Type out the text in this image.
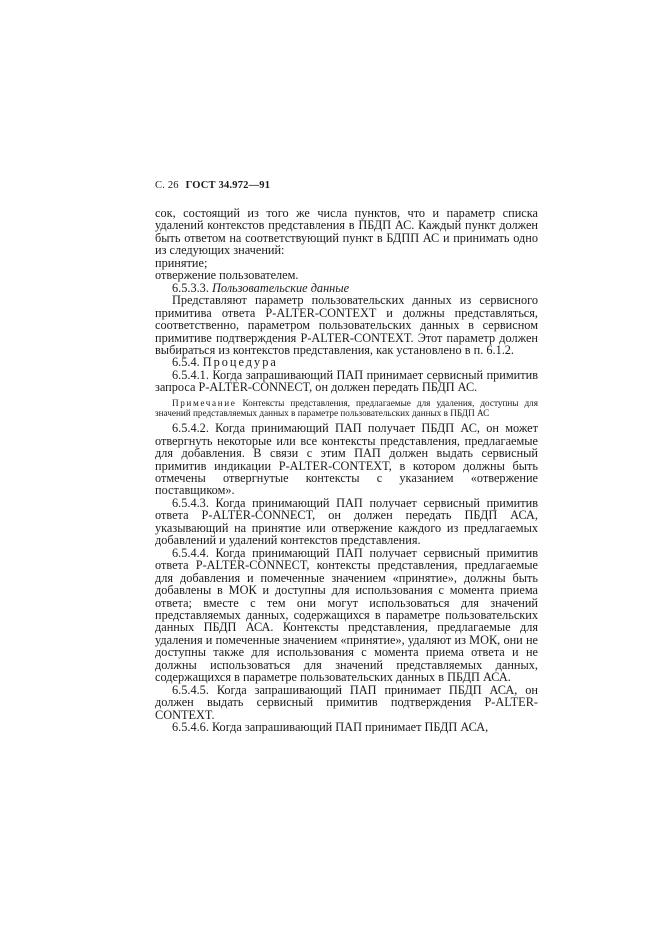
С. 26 ГОСТ 34.972—91

сок, состоящий из того же числа пунктов, что и параметр списка удалений контекстов представления в ПБДП АС. Каждый пункт должен быть ответом на соответствующий пункт в БДПП АС и принимать одно из следующих значений:

принятие;

отвержение пользователем.

6.5.3.3. Пользовательские данные

Представляют параметр пользовательских данных из сервисного примитива ответа P-ALTER-CONTEXT и должны представляться, соответственно, параметром пользовательских данных в сервисном примитиве подтверждения P-ALTER-CONTEXT. Этот параметр должен выбираться из контекстов представления, как установлено в п. 6.1.2.

6.5.4. Процедура

6.5.4.1. Когда запрашивающий ПАП принимает сервисный примитив запроса P-ALTER-CONNECT, он должен передать ПБДП АС.

Примечание Контексты представления, предлагаемые для удаления, доступны для значений представляемых данных в параметре пользовательских данных в ПБДП АС

6.5.4.2. Когда принимающий ПАП получает ПБДП АС, он может отвергнуть некоторые или все контексты представления, предлагаемые для добавления. В связи с этим ПАП должен выдать сервисный примитив индикации P-ALTER-CONTEXT, в котором должны быть отмечены отвергнутые контексты с указанием «отвержение поставщиком».

6.5.4.3. Когда принимающий ПАП получает сервисный примитив ответа P-ALTER-CONNECT, он должен передать ПБДП АСА, указывающий на принятие или отвержение каждого из предлагаемых добавлений и удалений контекстов представления.

6.5.4.4. Когда принимающий ПАП получает сервисный примитив ответа P-ALTER-CONNECT, контексты представления, предлагаемые для добавления и помеченные значением «принятие», должны быть добавлены в МОК и доступны для использования с момента приема ответа; вместе с тем они могут использоваться для значений представляемых данных, содержащихся в параметре пользовательских данных ПБДП АСА. Контексты представления, предлагаемые для удаления и помеченные значением «принятие», удаляют из МОК, они не доступны также для использования с момента приема ответа и не должны использоваться для значений представляемых данных, содержащихся в параметре пользовательских данных в ПБДП АСА.

6.5.4.5. Когда запрашивающий ПАП принимает ПБДП АСА, он должен выдать сервисный примитив подтверждения P-ALTER-CONTEXT.

6.5.4.6. Когда запрашивающий ПАП принимает ПБДП АСА,
